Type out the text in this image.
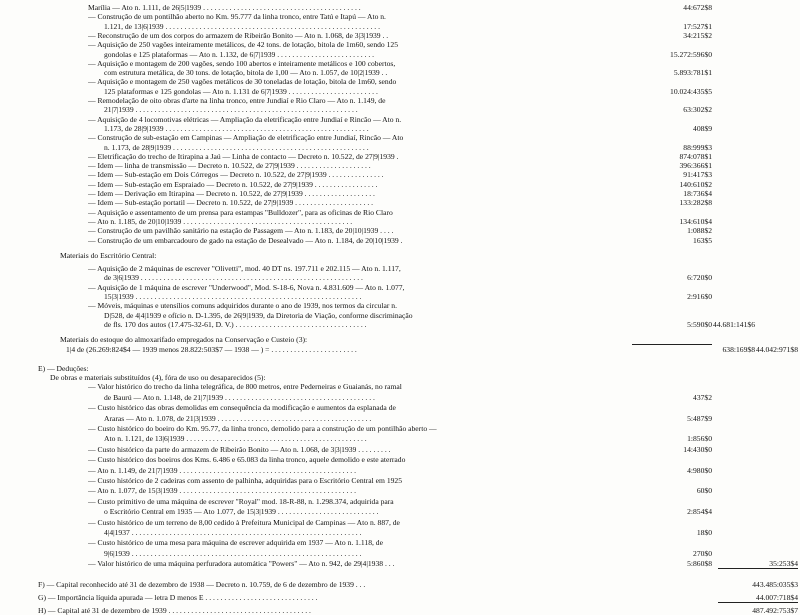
Marília — Ato n. 1.111, de 26|5|1939 . . . . . . . . . . . . . . . . . . . . . . . . . . . . . . . . . . . . . . . . . .	44:672$8
— Construção de um pontilhão aberto no Km. 95.777 da linha tronco, entre Tatú e Itapú — Ato n.
1.121, de 13|6|1939 . . . . . . . . . . . . . . . . . . . . . . . . . . . . . . . . . . . . . . . . . . . . . . . . . . . . . . . . .	17:527$1
— Reconstrução de um dos corpos do armazem de Ribeirão Bonito — Ato n. 1.068, de 3|3|1939 . .	34:215$2
— Aquisição de 250 vagões inteiramente metálicos, de 42 tons. de lotação, bitola de 1m60, sendo 125
gondolas e 125 plataformas — Ato n. 1.132, de 6|7|1939 . . . . . . . . . . . . . . . . . . . . . . . . . .	15.272:596$0
— Aquisição e montagem de 200 vagões, sendo 100 abertos e inteiramente metálicos e 100 cobertos,
com estrutura metálica, de 30 tons. de lotação, bitola de 1,00 — Ato n. 1.057, de 10|2|1939 . .	5.893:781$1
— Aquisição e montagem de 250 vagões metálicos de 30 toneladas de lotação, bitola de 1m60, sendo
125 plataformas e 125 gondolas — Ato n. 1.131 de 6|7|1939 . . . . . . . . . . . . . . . . . . . . . . . .	10.024:435$5
— Remodelação de oito obras d'arte na linha tronco, entre Jundiaí e Rio Claro — Ato n. 1.149, de
21|7|1939 . . . . . . . . . . . . . . . . . . . . . . . . . . . . . . . . . . . . . . . . . . . . . . . . . . . . . . . . . . .	63:302$2
— Aquisição de 4 locomotivas elétricas — Ampliação da eletrificação entre Jundiaí e Rincão — Ato n.
1.173, de 28|9|1939 . . . . . . . . . . . . . . . . . . . . . . . . . . . . . . . . . . . . . . . . . . . . . . . . . . . . . .	408$9
— Construção de sub-estação em Campinas — Ampliação de eletrificação entre Jundiaí, Rincão — Ato
n. 1.173, de 28|9|1939 . . . . . . . . . . . . . . . . . . . . . . . . . . . . . . . . . . . . . . . . . . . . . . . . . . . .	88:999$3
— Eletrificação do trecho de Itirapina a Jaú — Linha de contacto — Decreto n. 10.522, de 27|9|1939 .	874:078$1
— Idem — linha de transmissão — Decreto n. 10.522, de 27|9|1939 . . . . . . . . . . . . . . . . . . . .	396:366$1
— Idem — Sub-estação em Dois Córregos — Decreto n. 10.522, de 27|9|1939 . . . . . . . . . . . . . . .	91:417$3
— Idem — Sub-estação em Espraiado — Decreto n. 10.522, de 27|9|1939 . . . . . . . . . . . . . . . . .	140:610$2
— Idem — Derivação em Itirapina — Decreto n. 10.522, de 27|9|1939 . . . . . . . . . . . . . . . . . . .	18:736$4
— Idem — Sub-estação portatil — Decreto n. 10.522, de 27|9|1939 . . . . . . . . . . . . . . . . . . . . .	133:282$8
— Aquisição e assentamento de um prensa para estampas "Bulldozer", para as oficinas de Rio Claro
— Ato n. 1.185, de 20|10|1939 . . . . . . . . . . . . . . . . . . . . . . . . . . . . . . . . . . . . . . . . . . . . .	134:610$4
— Construção de um pavilhão sanitário na estação de Passagem — Ato n. 1.183, de 20|10|1939 . . . .	1:088$2
— Construção de um embarcadouro de gado na estação de Desealvado — Ato n. 1.184, de 20|10|1939 .	163$5
Materiais do Escritório Central:
— Aquisição de 2 máquinas de escrever "Olivetti", mod. 40 DT ns. 197.711 e 202.115 — Ato n. 1.117,
de 3|6|1939 . . . . . . . . . . . . . . . . . . . . . . . . . . . . . . . . . . . . . . . . . . . . . . . . . . . . . . . . . . .	6:720$0
— Aquisição de 1 máquina de escrever "Underwood", Mod. S-18-6, Nova n. 4.831.609 — Ato n. 1.077,
15|3|1939 . . . . . . . . . . . . . . . . . . . . . . . . . . . . . . . . . . . . . . . . . . . . . . . . . . . . . . . . . . . .	2:916$0
— Móveis, máquinas e utensílios comuns adquiridos durante o ano de 1939, nos termos da circular n.
D|528, de 4|4|1939 e ofício n. D-1.395, de 26|9|1939, da Diretoria de Viação, conforme discriminação
de fls. 170 dos autos (17.475-32-61, D. V.) . . . . . . . . . . . . . . . . . . . . . . . . . . . . . . . . . . .	5:590$0 44.681:141$6
Materiais do estoque do almoxarifado empregados na Conservação e Custeio (3):
1|4 de (26.269:824$4 — 1939 menos 28.822:503$7 — 1938 — ) = . . . . . . . . . . . . . . . . . . . . . . .	638:169$8 44.042:971$8
E) — Deduções:
De obras e materiais substituídos (4), fóra de uso ou desaparecidos (5):
— Valor histórico do trecho da linha telegráfica, de 800 metros, entre Pederneiras e Guaianás, no ramal
de Baurú — Ato n. 1.148, de 21|7|1939 . . . . . . . . . . . . . . . . . . . . . . . . . . . . . . . . . . . . . . . .	437$2
— Custo histórico das obras demolidas em consequência da modificação e aumentos da esplanada de
Araras — Ato n. 1.078, de 21|3|1939 . . . . . . . . . . . . . . . . . . . . . . . . . . . . . . . . . . . . . . . . .	5:487$9
— Custo histórico do boeiro do Km. 95.77, da linha tronco, demolido para a construção de um pontilhão aberto —
Ato n. 1.121, de 13|6|1939 . . . . . . . . . . . . . . . . . . . . . . . . . . . . . . . . . . . . . . . . . . . . . . . .	1:856$0
— Custo histórico da parte do armazem de Ribeirão Bonito — Ato n. 1.068, de 3|3|1939 . . . . . . . . .	14:430$0
— Custo histórico dos boeiros dos Kms. 6.486 e 65.083 da linha tronco, aquele demolido e este aterrado
— Ato n. 1.149, de 21|7|1939 . . . . . . . . . . . . . . . . . . . . . . . . . . . . . . . . . . . . . . . . . . . . . . .	4:980$0
— Custo histórico de 2 cadeiras com assento de palhinha, adquiridas para o Escritório Central em 1925
— Ato n. 1.077, de 15|3|1939 . . . . . . . . . . . . . . . . . . . . . . . . . . . . . . . . . . . . . . . . . . . . . . .	60$0
— Custo primitivo de uma máquina de escrever "Royal" mod. 18-R-88, n. 1.298.374, adquirida para
o Escritório Central em 1935 — Ato 1.077, de 15|3|1939 . . . . . . . . . . . . . . . . . . . . . . . . . . .	2:854$4
— Custo histórico de um terreno de 8,00 cedido à Prefeitura Municipal de Campinas — Ato n. 887, de
4|4|1937 . . . . . . . . . . . . . . . . . . . . . . . . . . . . . . . . . . . . . . . . . . . . . . . . . . . . . . . . . . . . .	18$0
— Custo histórico de uma mesa para máquina de escrever adquirida em 1937 — Ato n. 1.118, de
9|6|1939 . . . . . . . . . . . . . . . . . . . . . . . . . . . . . . . . . . . . . . . . . . . . . . . . . . . . . . . . . . . . .	270$0
— Valor histórico de uma máquina perfuradora automática "Powers" — Ato n. 942, de 29|4|1938 . . .	5:860$8	35:253$4
F) — Capital reconhecido até 31 de dezembro de 1938 — Decreto n. 10.759, de 6 de dezembro de 1939 . . .	443.485:035$3
G) — Importância líquida apurada — letra D menos E . . . . . . . . . . . . . . . . . . . . . . . . . . . . . .	44.007:718$4
H) — Capital até 31 de dezembro de 1939 . . . . . . . . . . . . . . . . . . . . . . . . . . . . . . . . . . . . . .	487.492:753$7
